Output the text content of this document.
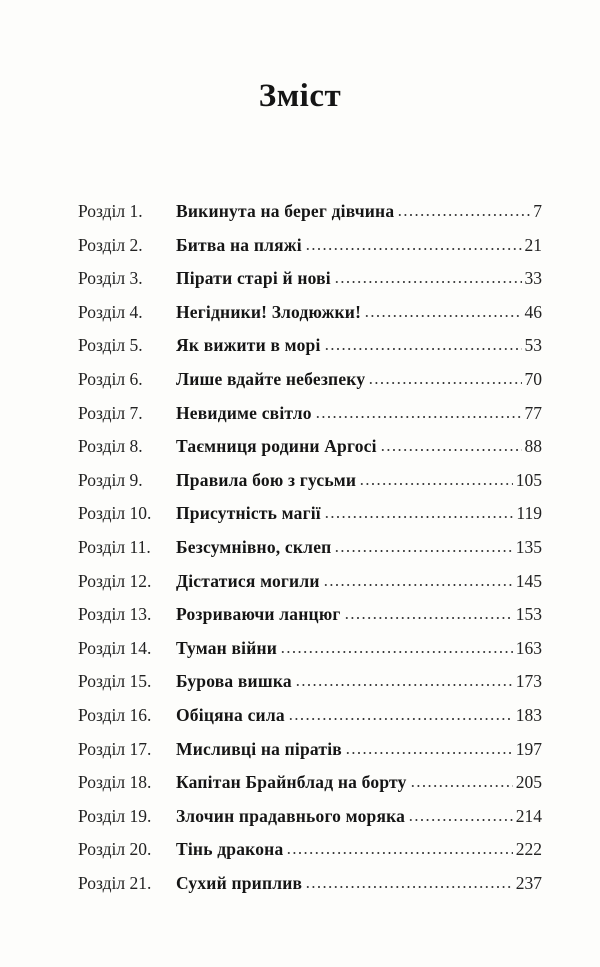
Зміст
Розділ 1.	Викинута на берег дівчина	7
Розділ 2.	Битва на пляжі	21
Розділ 3.	Пірати старі й нові	33
Розділ 4.	Негідники! Злодюжки!	46
Розділ 5.	Як вижити в морі	53
Розділ 6.	Лише вдайте небезпеку	70
Розділ 7.	Невидиме світло	77
Розділ 8.	Таємниця родини Аргосі	88
Розділ 9.	Правила бою з гусьми	105
Розділ 10.	Присутність магії	119
Розділ 11.	Безсумнівно, склеп	135
Розділ 12.	Дістатися могили	145
Розділ 13.	Розриваючи ланцюг	153
Розділ 14.	Туман війни	163
Розділ 15.	Бурова вишка	173
Розділ 16.	Обіцяна сила	183
Розділ 17.	Мисливці на піратів	197
Розділ 18.	Капітан Брайнблад на борту	205
Розділ 19.	Злочин прадавнього моряка	214
Розділ 20.	Тінь дракона	222
Розділ 21.	Сухий приплив	237
